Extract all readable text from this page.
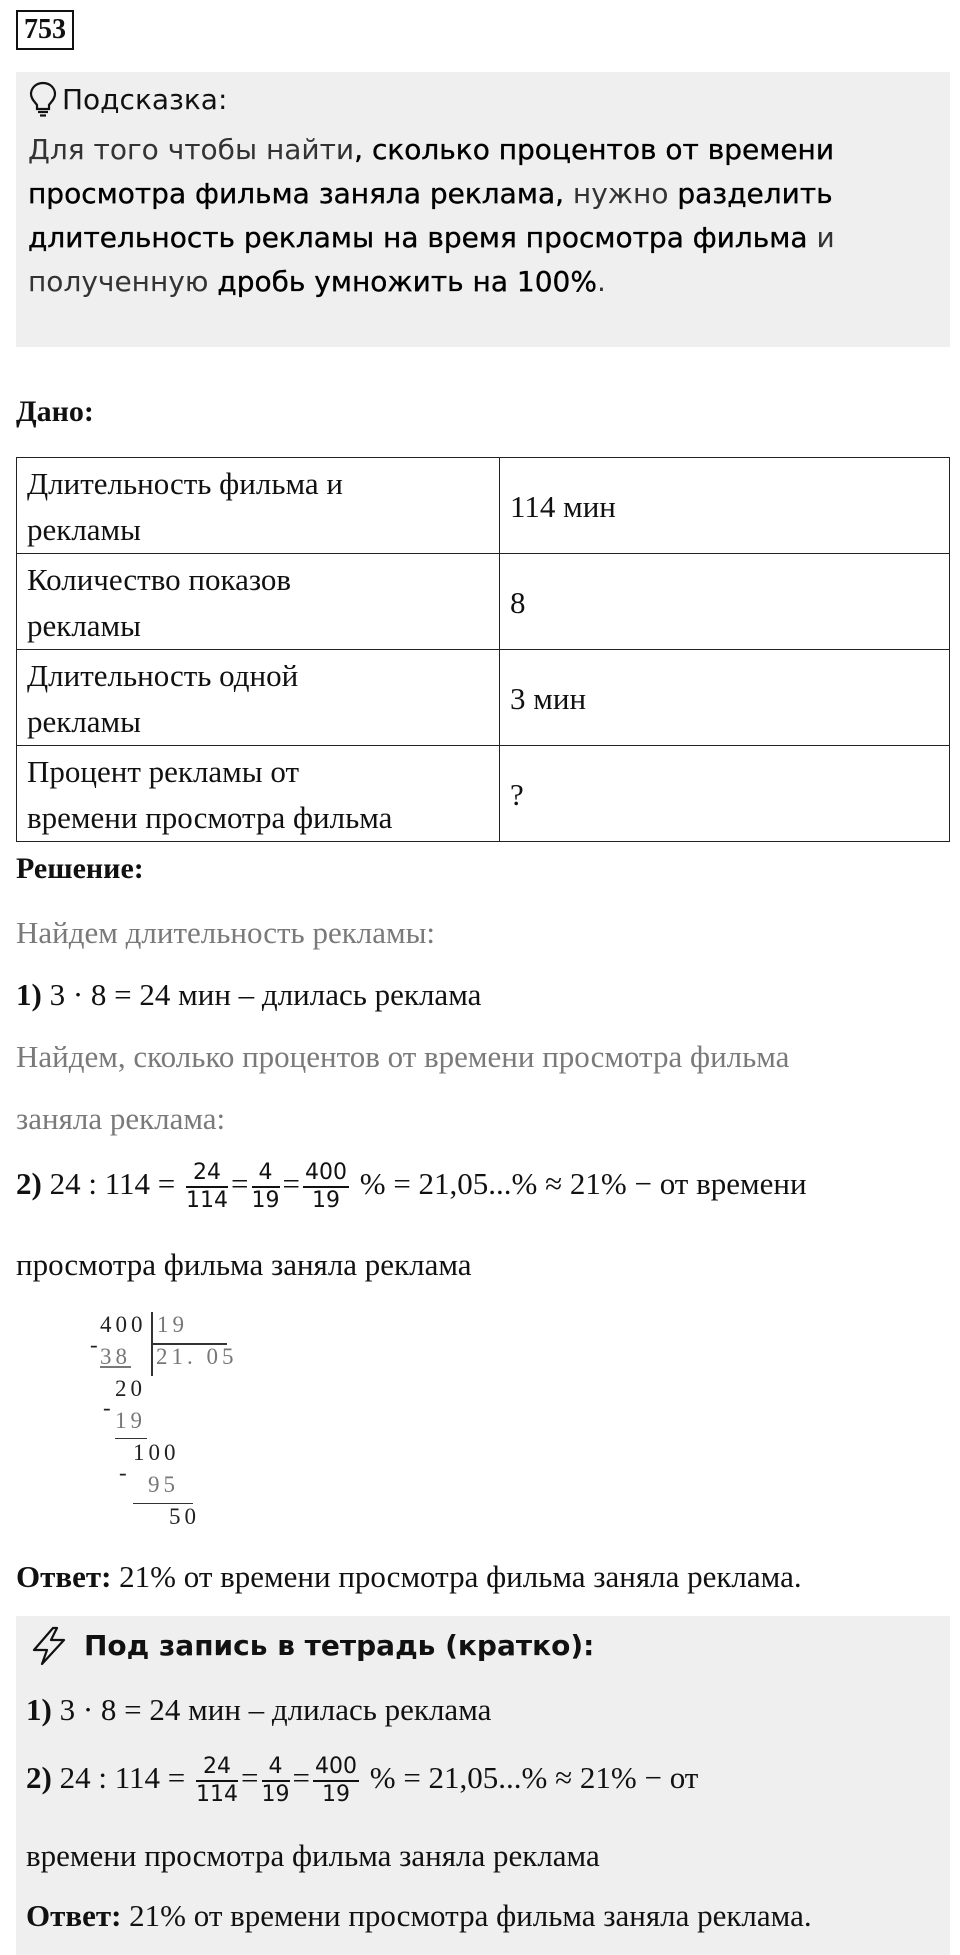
753
Подсказка:
Для того чтобы найти, сколько процентов от времени
просмотра фильма заняла реклама, нужно разделить
длительность рекламы на время просмотра фильма и
полученную дробь умножить на 100%.
Дано:
Длительность фильма и
рекламы	114 мин
Количество показов
рекламы	8
Длительность одной
рекламы	3 мин
Процент рекламы от
времени просмотра фильма	?
Решение:
Найдем длительность рекламы:
1) 3 · 8 = 24 мин – длилась реклама
Найдем, сколько процентов от времени просмотра фильма
заняла реклама:
2) 24 : $114 = \frac{24}{114} = \frac{4}{19} = \frac{400}{19}$ % = 21,05...% ≈ 21% − от времени
просмотра фильма заняла реклама
400 19
-
38 21. 05
20
-
19
100
- 95
50
Ответ: 21% от времени просмотра фильма заняла реклама.
Под запись в тетрадь (кратко):
1) 3 · 8 = 24 мин – длилась реклама
2) 24 : $114 = \frac{24}{114} = \frac{4}{19} = \frac{400}{19}$ % = 21,05...% ≈ 21% − от
времени просмотра фильма заняла реклама
Ответ: 21% от времени просмотра фильма заняла реклама.
